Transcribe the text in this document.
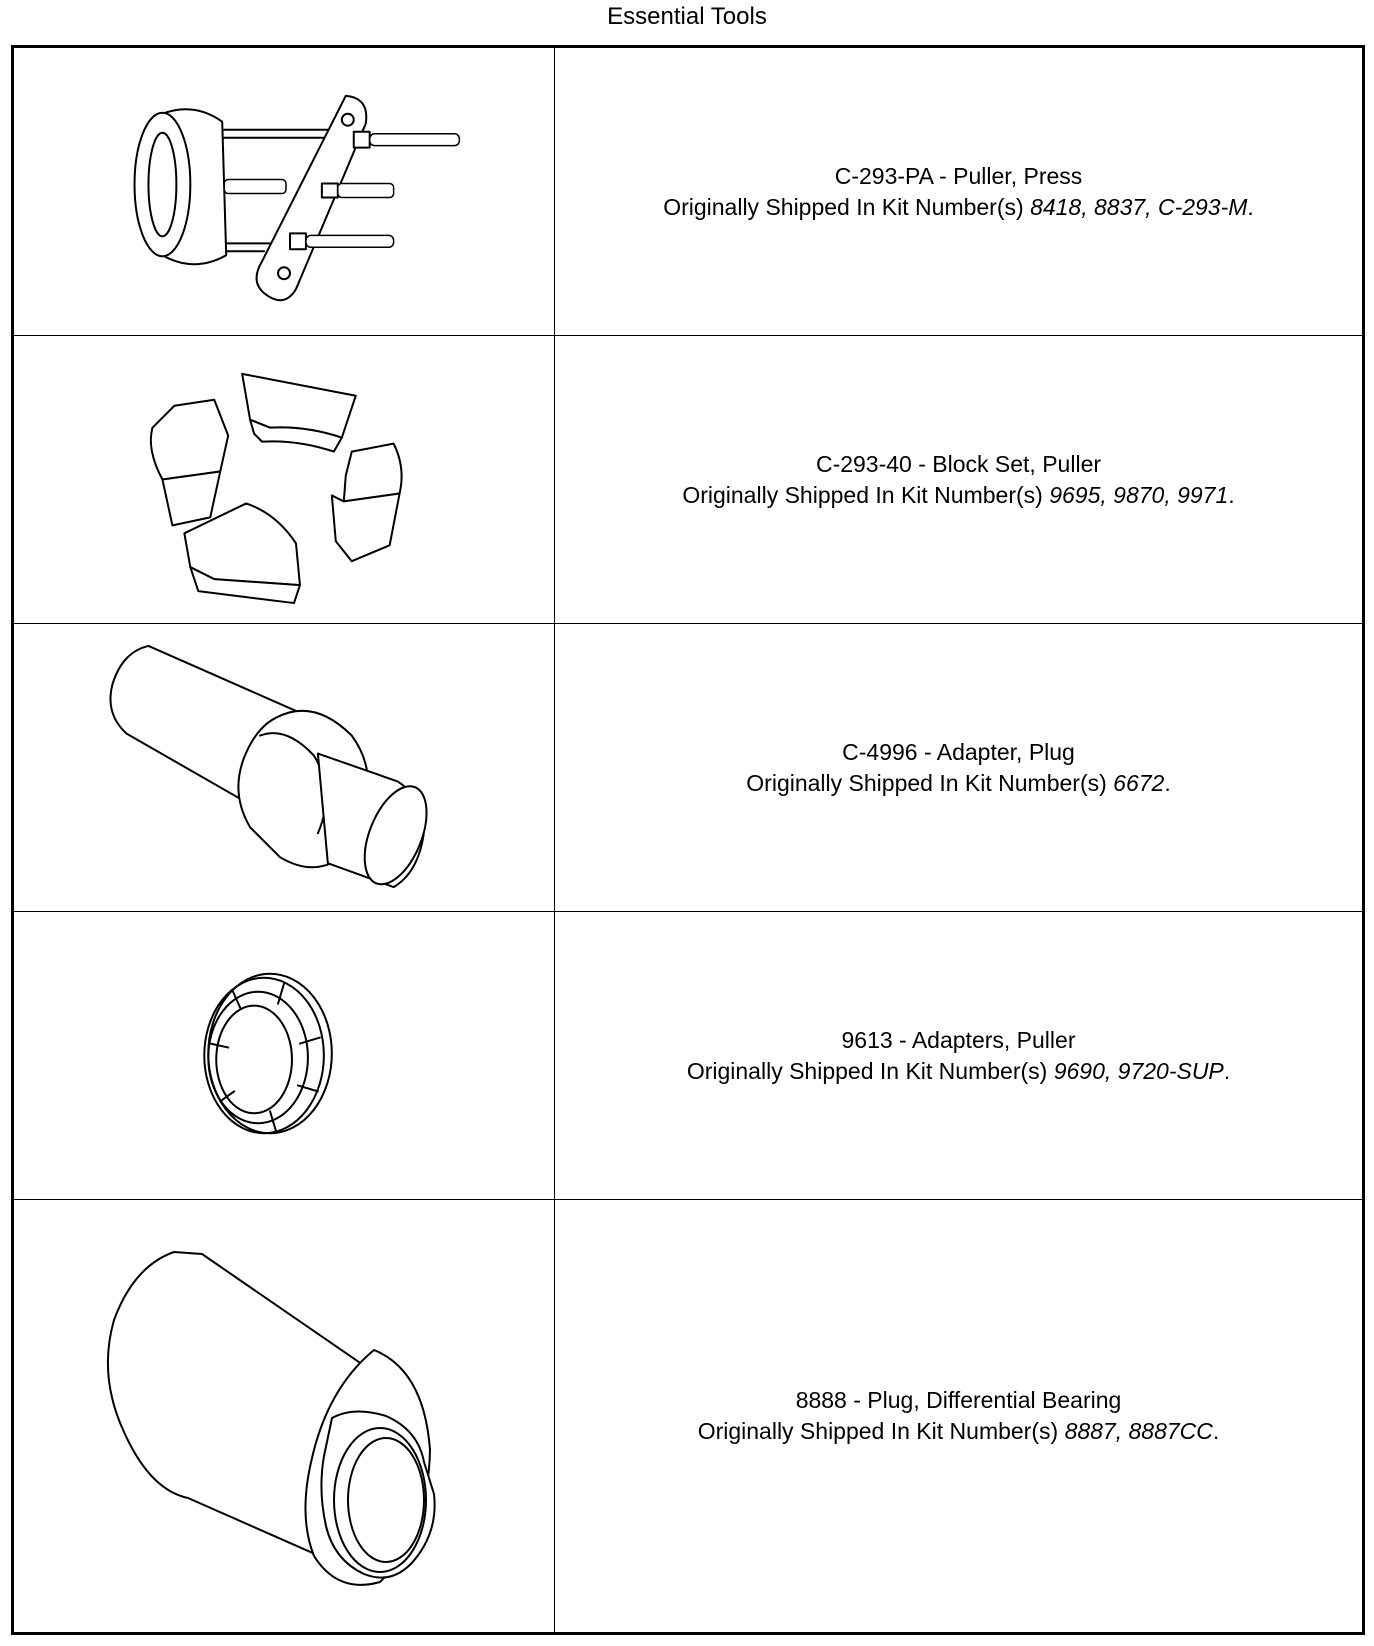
Essential Tools
C-293-PA - Puller, Press
Originally Shipped In Kit Number(s) 8418, 8837, C-293-M.
C-293-40 - Block Set, Puller
Originally Shipped In Kit Number(s) 9695, 9870, 9971.
C-4996 - Adapter, Plug
Originally Shipped In Kit Number(s) 6672.
9613 - Adapters, Puller
Originally Shipped In Kit Number(s) 9690, 9720-SUP.
8888 - Plug, Differential Bearing
Originally Shipped In Kit Number(s) 8887, 8887CC.
